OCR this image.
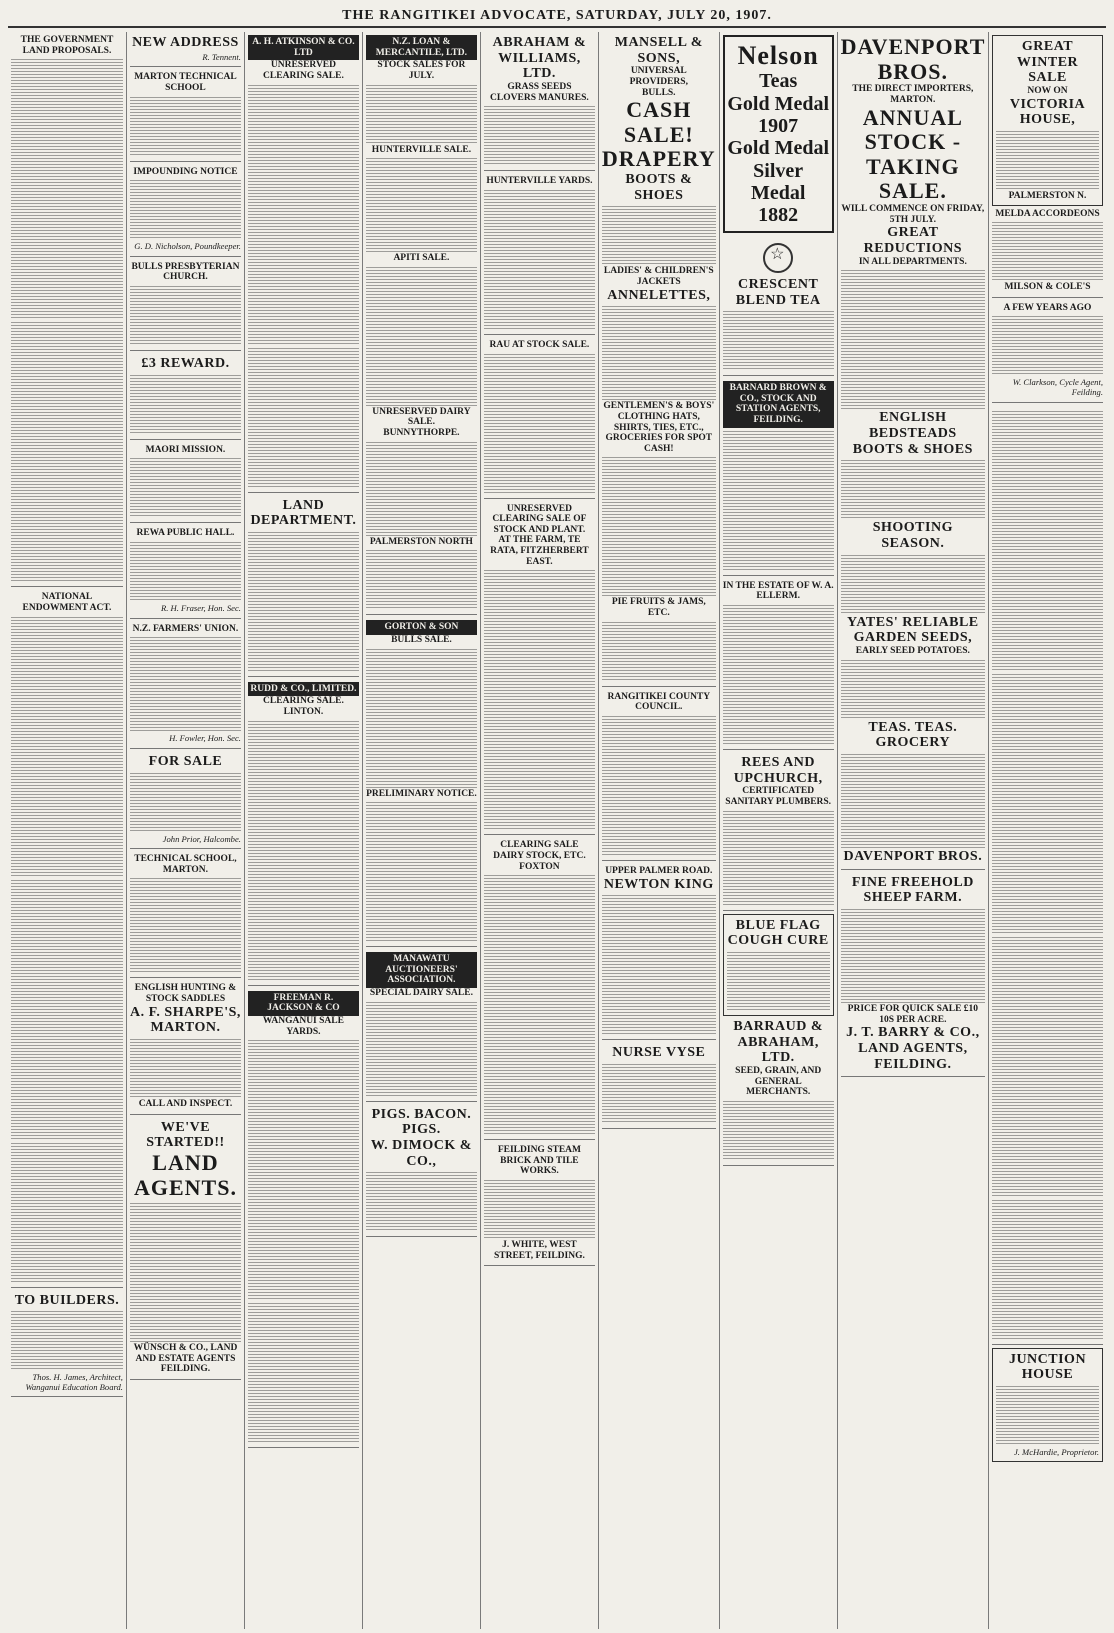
THE RANGITIKEI ADVOCATE, SATURDAY, JULY 20, 1907.
THE GOVERNMENT LAND PROPOSALS.
NATIONAL ENDOWMENT ACT.
TO BUILDERS.
Thos. H. James, Architect, Wanganui Education Board.
NEW ADDRESS
R. Tennent.
MARTON TECHNICAL SCHOOL
IMPOUNDING NOTICE
G. D. Nicholson, Poundkeeper.
BULLS PRESBYTERIAN CHURCH.
£3 REWARD.
MAORI MISSION.
REWA PUBLIC HALL.
R. H. Fraser, Hon. Sec.
N.Z. FARMERS' UNION.
H. Fowler, Hon. Sec.
FOR SALE
John Prior, Halcombe.
TECHNICAL SCHOOL, MARTON.
ENGLISH HUNTING & STOCK SADDLES
A. F. SHARPE'S, MARTON.
CALL AND INSPECT.
WE'VE STARTED!!
LAND AGENTS.
WÜNSCH & CO., LAND AND ESTATE AGENTS FEILDING.
A. H. ATKINSON & CO. LTD
UNRESERVED CLEARING SALE.
LAND DEPARTMENT.
RUDD & CO., LIMITED.
CLEARING SALE. LINTON.
FREEMAN R. JACKSON & CO
WANGANUI SALE YARDS.
N.Z. LOAN & MERCANTILE, LTD.
STOCK SALES FOR JULY.
HUNTERVILLE SALE.
APITI SALE.
UNRESERVED DAIRY SALE.
BUNNYTHORPE.
PALMERSTON NORTH
GORTON & SON
BULLS SALE.
PRELIMINARY NOTICE.
MANAWATU AUCTIONEERS' ASSOCIATION.
SPECIAL DAIRY SALE.
PIGS. BACON. PIGS.
W. DIMOCK & CO.,
ABRAHAM & WILLIAMS, LTD.
GRASS SEEDS CLOVERS MANURES.
HUNTERVILLE YARDS.
RAU AT STOCK SALE.
UNRESERVED CLEARING SALE OF STOCK AND PLANT.
AT THE FARM, TE RATA, FITZHERBERT EAST.
CLEARING SALE DAIRY STOCK, ETC.
FOXTON
FEILDING STEAM BRICK AND TILE WORKS.
J. WHITE, WEST STREET, FEILDING.
MANSELL & SONS,
UNIVERSAL PROVIDERS,
BULLS.
CASH SALE!
DRAPERY
BOOTS & SHOES
LADIES' & CHILDREN'S JACKETS
ANNELETTES,
GENTLEMEN'S & BOYS' CLOTHING HATS, SHIRTS, TIES, ETC.,
GROCERIES FOR SPOT CASH!
PIE FRUITS & JAMS, ETC.
RANGITIKEI COUNTY COUNCIL.
UPPER PALMER ROAD.
NEWTON KING
NURSE VYSE
Nelson
Teas
Gold Medal
1907
Gold Medal
Silver Medal
1882
☆
CRESCENT BLEND TEA
BARNARD BROWN & CO., STOCK AND STATION AGENTS, FEILDING.
IN THE ESTATE OF W. A. ELLERM.
REES AND UPCHURCH,
CERTIFICATED SANITARY PLUMBERS.
BLUE FLAG COUGH CURE
BARRAUD & ABRAHAM, LTD.
SEED, GRAIN, AND GENERAL MERCHANTS.
DAVENPORT BROS.
THE DIRECT IMPORTERS, MARTON.
ANNUAL STOCK - TAKING SALE.
WILL COMMENCE ON FRIDAY, 5TH JULY.
GREAT REDUCTIONS
IN ALL DEPARTMENTS.
ENGLISH BEDSTEADS
BOOTS & SHOES
SHOOTING SEASON.
YATES' RELIABLE GARDEN SEEDS,
EARLY SEED POTATOES.
TEAS. TEAS.
GROCERY
DAVENPORT BROS.
FINE FREEHOLD SHEEP FARM.
PRICE FOR QUICK SALE £10 10S PER ACRE.
J. T. BARRY & CO., LAND AGENTS, FEILDING.
GREAT WINTER SALE
NOW ON
VICTORIA HOUSE,
PALMERSTON N.
MELDA ACCORDEONS
MILSON & COLE'S
A FEW YEARS AGO
W. Clarkson, Cycle Agent, Feilding.
JUNCTION HOUSE
J. McHardie, Proprietor.
